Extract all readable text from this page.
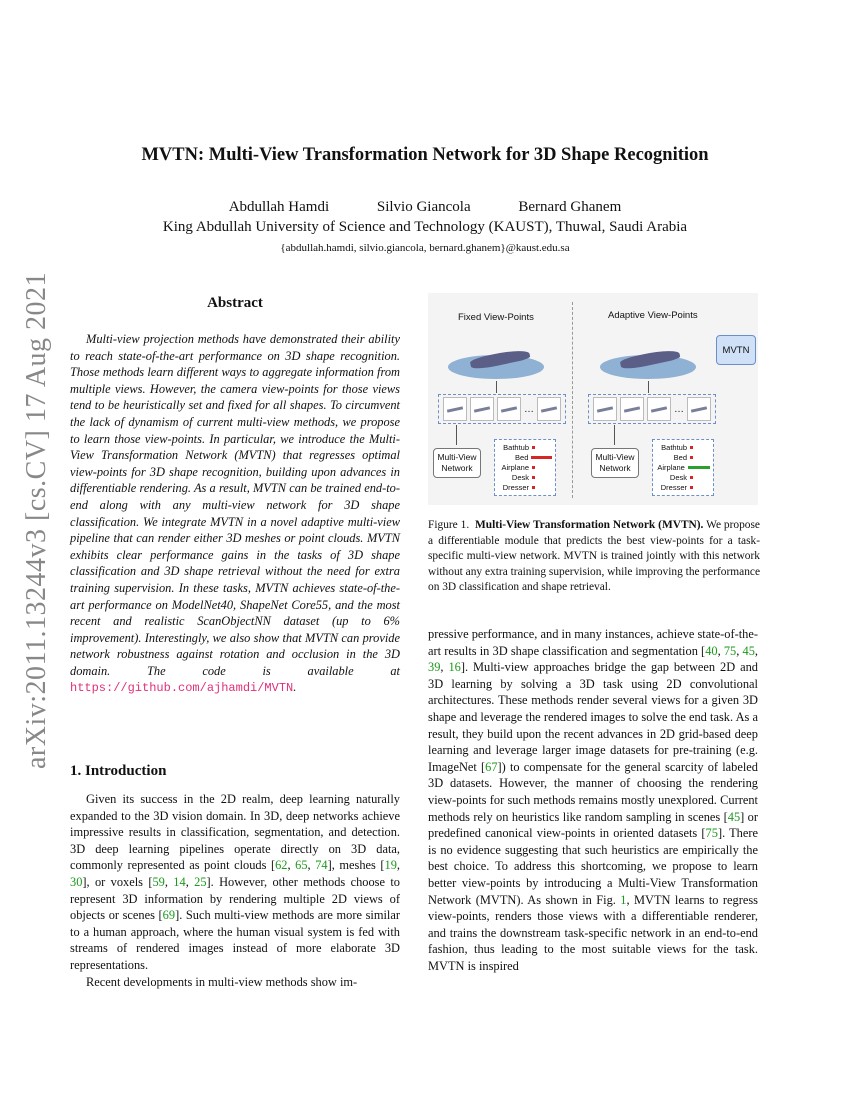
arXiv:2011.13244v3 [cs.CV] 17 Aug 2021
MVTN: Multi-View Transformation Network for 3D Shape Recognition
Abdullah Hamdi	Silvio Giancola	Bernard Ghanem
King Abdullah University of Science and Technology (KAUST), Thuwal, Saudi Arabia
{abdullah.hamdi, silvio.giancola, bernard.ghanem}@kaust.edu.sa
Abstract
Multi-view projection methods have demonstrated their ability to reach state-of-the-art performance on 3D shape recognition. Those methods learn different ways to aggregate information from multiple views. However, the camera view-points for those views tend to be heuristically set and fixed for all shapes. To circumvent the lack of dynamism of current multi-view methods, we propose to learn those view-points. In particular, we introduce the Multi-View Transformation Network (MVTN) that regresses optimal view-points for 3D shape recognition, building upon advances in differentiable rendering. As a result, MVTN can be trained end-to-end along with any multi-view network for 3D shape classification. We integrate MVTN in a novel adaptive multi-view pipeline that can render either 3D meshes or point clouds. MVTN exhibits clear performance gains in the tasks of 3D shape classification and 3D shape retrieval without the need for extra training supervision. In these tasks, MVTN achieves state-of-the-art performance on ModelNet40, ShapeNet Core55, and the most recent and realistic ScanObjectNN dataset (up to 6% improvement). Interestingly, we also show that MVTN can provide network robustness against rotation and occlusion in the 3D domain. The code is available at https://github.com/ajhamdi/MVTN.
1. Introduction
Given its success in the 2D realm, deep learning naturally expanded to the 3D vision domain. In 3D, deep networks achieve impressive results in classification, segmentation, and detection. 3D deep learning pipelines operate directly on 3D data, commonly represented as point clouds [62, 65, 74], meshes [19, 30], or voxels [59, 14, 25]. However, other methods choose to represent 3D information by rendering multiple 2D views of objects or scenes [69]. Such multi-view methods are more similar to a human approach, where the human visual system is fed with streams of rendered images instead of more elaborate 3D representations.
Recent developments in multi-view methods show im-
Fixed View-Points	Adaptive View-Points
…	…
Multi-View
Network
Multi-View
Network
Bathtub
Bed
Airplane
Desk
Dresser
Bathtub
Bed
Airplane
Desk
Dresser
MVTN
Figure 1. Multi-View Transformation Network (MVTN). We propose a differentiable module that predicts the best view-points for a task-specific multi-view network. MVTN is trained jointly with this network without any extra training supervision, while improving the performance on 3D classification and shape retrieval.
pressive performance, and in many instances, achieve state-of-the-art results in 3D shape classification and segmentation [40, 75, 45, 39, 16]. Multi-view approaches bridge the gap between 2D and 3D learning by solving a 3D task using 2D convolutional architectures. These methods render several views for a given 3D shape and leverage the rendered images to solve the end task. As a result, they build upon the recent advances in 2D grid-based deep learning and leverage larger image datasets for pre-training (e.g. ImageNet [67]) to compensate for the general scarcity of labeled 3D datasets. However, the manner of choosing the rendering view-points for such methods remains mostly unexplored. Current methods rely on heuristics like random sampling in scenes [45] or predefined canonical view-points in oriented datasets [75]. There is no evidence suggesting that such heuristics are empirically the best choice. To address this shortcoming, we propose to learn better view-points by introducing a Multi-View Transformation Network (MVTN). As shown in Fig. 1, MVTN learns to regress view-points, renders those views with a differentiable renderer, and trains the downstream task-specific network in an end-to-end fashion, thus leading to the most suitable views for the task. MVTN is inspired
